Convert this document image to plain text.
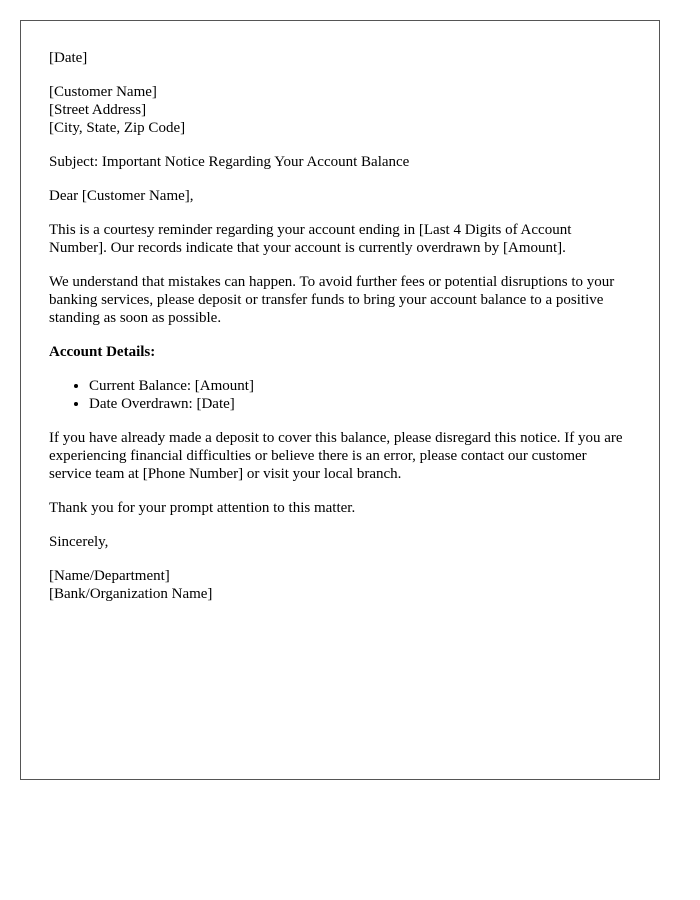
[Date]

[Customer Name]
[Street Address]
[City, State, Zip Code]

Subject: Important Notice Regarding Your Account Balance

Dear [Customer Name],

This is a courtesy reminder regarding your account ending in [Last 4 Digits of Account Number]. Our records indicate that your account is currently overdrawn by [Amount].

We understand that mistakes can happen. To avoid further fees or potential disruptions to your banking services, please deposit or transfer funds to bring your account balance to a positive standing as soon as possible.

Account Details:

• Current Balance: [Amount]
• Date Overdrawn: [Date]

If you have already made a deposit to cover this balance, please disregard this notice. If you are experiencing financial difficulties or believe there is an error, please contact our customer service team at [Phone Number] or visit your local branch.

Thank you for your prompt attention to this matter.

Sincerely,

[Name/Department]
[Bank/Organization Name]
